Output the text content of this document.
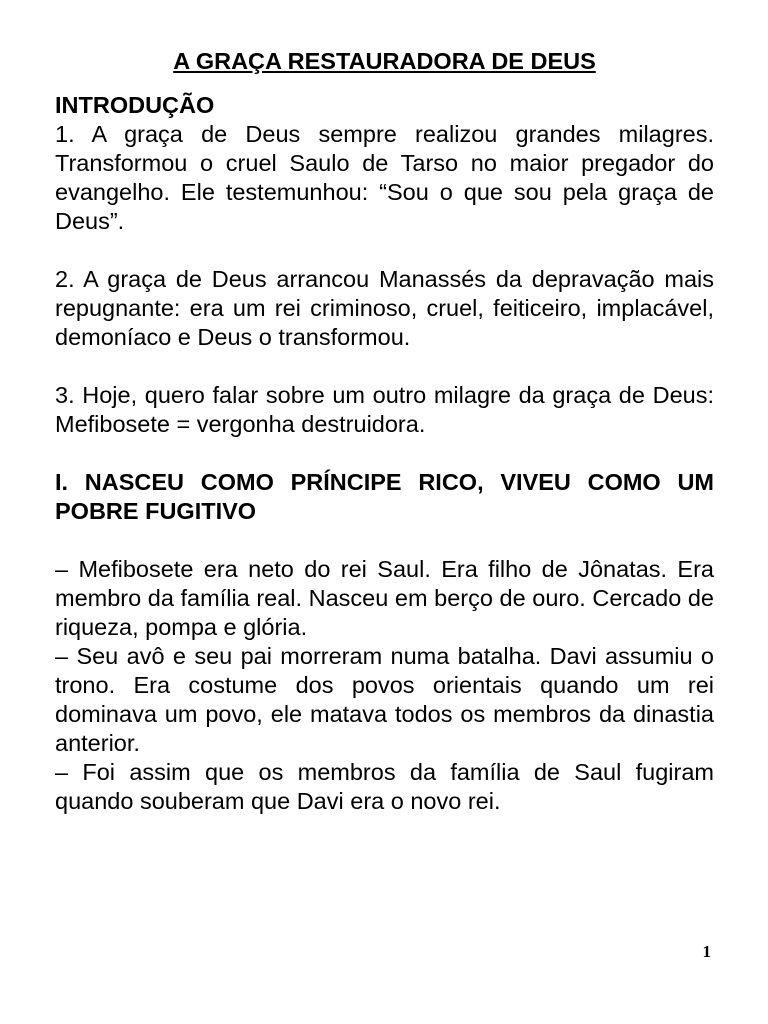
A GRAÇA RESTAURADORA DE DEUS

INTRODUÇÃO

1. A graça de Deus sempre realizou grandes milagres. Transformou o cruel Saulo de Tarso no maior pregador do evangelho. Ele testemunhou: “Sou o que sou pela graça de Deus”.

2. A graça de Deus arrancou Manassés da depravação mais repugnante: era um rei criminoso, cruel, feiticeiro, implacável, demoníaco e Deus o transformou.

3. Hoje, quero falar sobre um outro milagre da graça de Deus: Mefibosete = vergonha destruidora.

I. NASCEU COMO PRÍNCIPE RICO, VIVEU COMO UM POBRE FUGITIVO

– Mefibosete era neto do rei Saul. Era filho de Jônatas. Era membro da família real. Nasceu em berço de ouro. Cercado de riqueza, pompa e glória.

– Seu avô e seu pai morreram numa batalha. Davi assumiu o trono. Era costume dos povos orientais quando um rei dominava um povo, ele matava todos os membros da dinastia anterior.

– Foi assim que os membros da família de Saul fugiram quando souberam que Davi era o novo rei.

1
